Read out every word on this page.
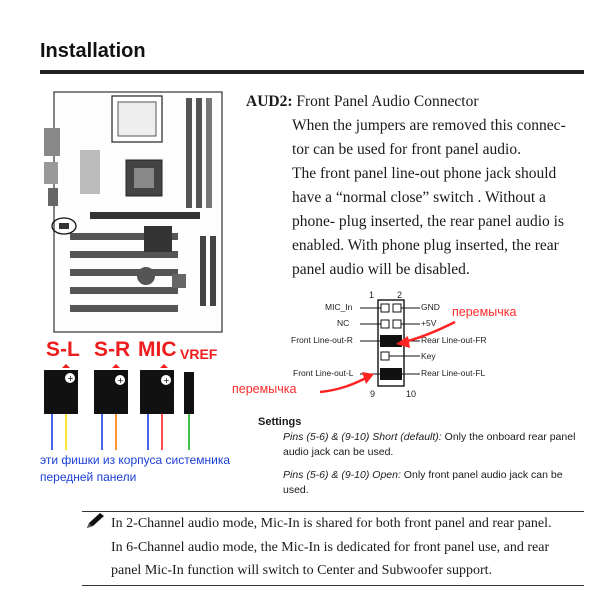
Installation
AUD2: Front Panel Audio Connector
When the jumpers are removed this connec-
tor can be used for front panel audio.
The front panel line-out phone jack should
have a “normal close” switch . Without a
phone- plug inserted, the rear panel audio is
enabled. With phone plug inserted, the rear
panel audio will be disabled.
1	2
9	10
MIC_In
NC
Front Line-out-R
Front Line-out-L
GND
+5V
Rear Line-out-FR
Key
Rear Line-out-FL
перемычка
перемычка
S-L S-R MIC VREF
+	+	+
эти фишки из корпуса системника
передней панели
Settings
Pins (5-6) & (9-10) Short (default): Only the onboard rear panel audio jack can be used.
Pins (5-6) & (9-10) Open: Only front panel audio jack can be used.
In 2-Channel audio mode, Mic-In is shared for both front panel and rear panel.
In 6-Channel audio mode, the Mic-In is dedicated for front panel use, and rear
panel Mic-In function will switch to Center and Subwoofer support.
